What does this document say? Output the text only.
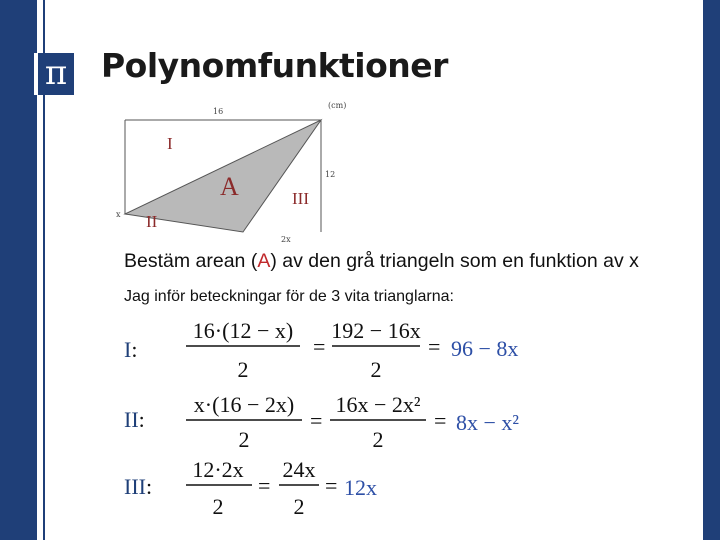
π Polynomfunktioner
16
(cm)
12
x
2x
I
II
III
A
Bestäm arean (A) av den grå triangeln som en funktion av x
Jag inför beteckningar för de 3 vita trianglarna:
I:
16·(12 − x)
2
=
192 − 16x
2
= 96 − 8x
II:
x·(16 − 2x)
2
=
16x − 2x²
2
= 8x − x²
III:
12·2x
2
=
24x
2
= 12x
